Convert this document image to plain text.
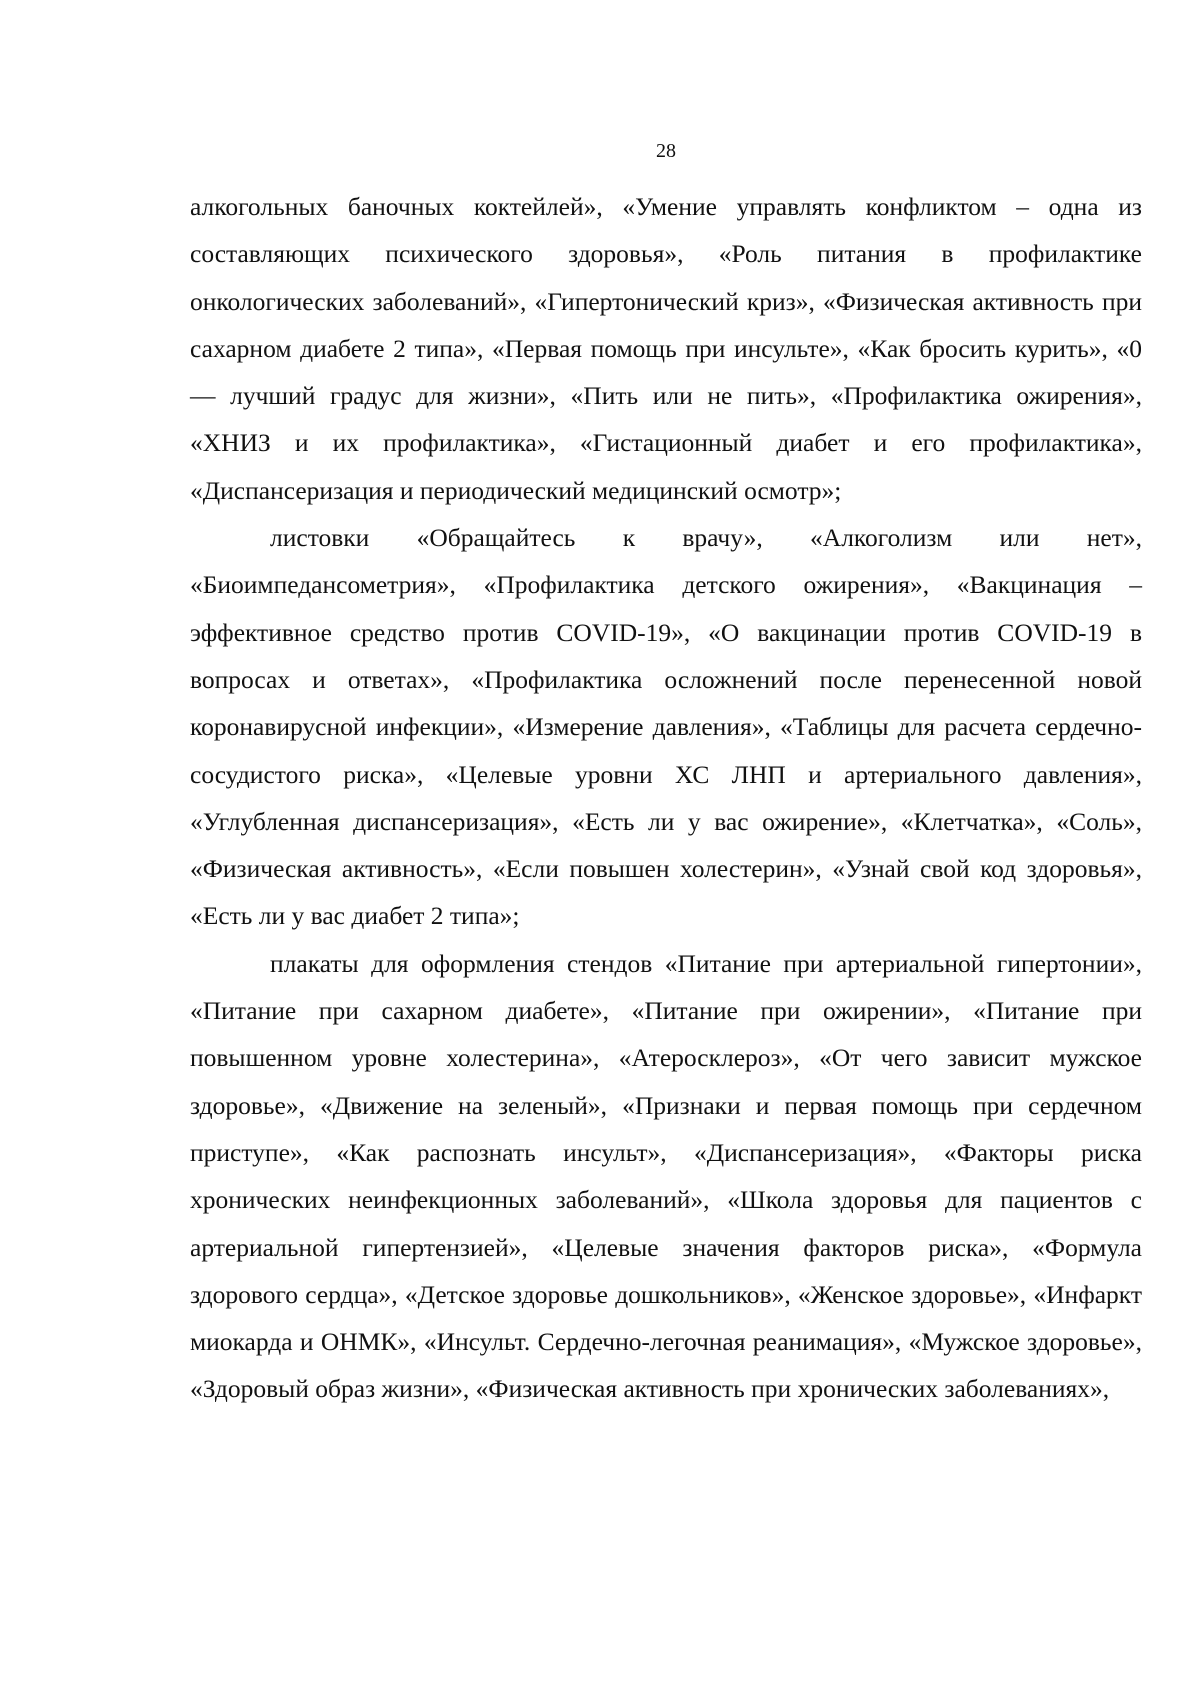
28

алкогольных баночных коктейлей», «Умение управлять конфликтом – одна из составляющих психического здоровья», «Роль питания в профилактике онкологических заболеваний», «Гипертонический криз», «Физическая активность при сахарном диабете 2 типа», «Первая помощь при инсульте», «Как бросить курить», «0 — лучший градус для жизни», «Пить или не пить», «Профилактика ожирения», «ХНИЗ и их профилактика», «Гистационный диабет и его профилактика», «Диспансеризация и периодический медицинский осмотр»;

листовки «Обращайтесь к врачу», «Алкоголизм или нет», «Биоимпедансометрия», «Профилактика детского ожирения», «Вакцинация – эффективное средство против COVID-19», «О вакцинации против COVID-19 в вопросах и ответах», «Профилактика осложнений после перенесенной новой коронавирусной инфекции», «Измерение давления», «Таблицы для расчета сердечно-сосудистого риска», «Целевые уровни ХС ЛНП и артериального давления», «Углубленная диспансеризация», «Есть ли у вас ожирение», «Клетчатка», «Соль», «Физическая активность», «Если повышен холестерин», «Узнай свой код здоровья», «Есть ли у вас диабет 2 типа»;

плакаты для оформления стендов «Питание при артериальной гипертонии», «Питание при сахарном диабете», «Питание при ожирении», «Питание при повышенном уровне холестерина», «Атеросклероз», «От чего зависит мужское здоровье», «Движение на зеленый», «Признаки и первая помощь при сердечном приступе», «Как распознать инсульт», «Диспансеризация», «Факторы риска хронических неинфекционных заболеваний», «Школа здоровья для пациентов с артериальной гипертензией», «Целевые значения факторов риска», «Формула здорового сердца», «Детское здоровье дошкольников», «Женское здоровье», «Инфаркт миокарда и ОНМК», «Инсульт. Сердечно-легочная реанимация», «Мужское здоровье», «Здоровый образ жизни», «Физическая активность при хронических заболеваниях»,
